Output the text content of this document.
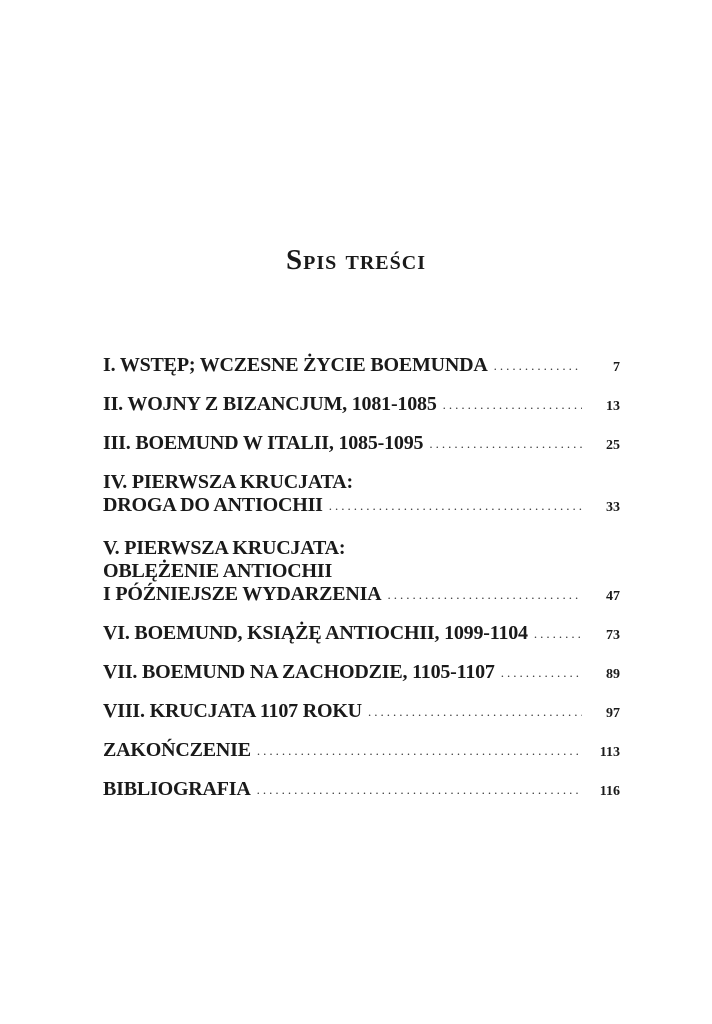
Spis treści
I. WSTĘP; WCZESNE ŻYCIE BOEMUNDA .....	7
II. WOJNY Z BIZANCJUM, 1081-1085 .....	13
III. BOEMUND W ITALII, 1085-1095 .....	25
IV. PIERWSZA KRUCJATA:
DROGA DO ANTIOCHII .....	33
V. PIERWSZA KRUCJATA:
OBLĘŻENIE ANTIOCHII
I PÓŹNIEJSZE WYDARZENIA .....	47
VI. BOEMUND, KSIĄŻĘ ANTIOCHII, 1099-1104 .....	73
VII. BOEMUND NA ZACHODZIE, 1105-1107 .....	89
VIII. KRUCJATA 1107 ROKU .....	97
ZAKOŃCZENIE .....	113
BIBLIOGRAFIA .....	116
